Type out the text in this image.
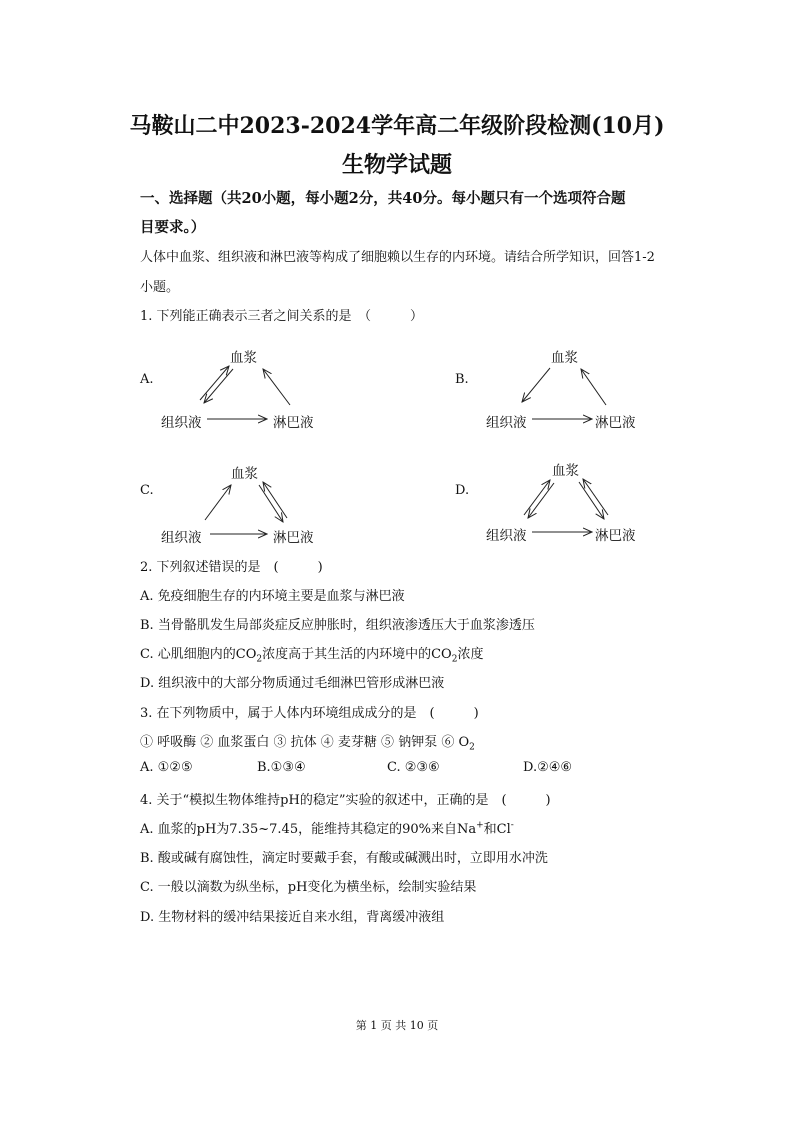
马鞍山二中2023-2024学年高二年级阶段检测(10月)
生物学试题
一、选择题（共20小题，每小题2分，共40分。每小题只有一个选项符合题
目要求。）
人体中血浆、组织液和淋巴液等构成了细胞赖以生存的内环境。请结合所学知识，回答1-2
小题。
1. 下列能正确表示三者之间关系的是　（　　　）
A.
血浆
组织液	淋巴液
B.
血浆
组织液	淋巴液
C.
血浆
组织液	淋巴液
D.
血浆
组织液	淋巴液
2. 下列叙述错误的是　(　　　)
A. 免疫细胞生存的内环境主要是血浆与淋巴液
B. 当骨骼肌发生局部炎症反应肿胀时，组织液渗透压大于血浆渗透压
C. 心肌细胞内的$CO_2$浓度高于其生活的内环境中的$CO_2$浓度
D. 组织液中的大部分物质通过毛细淋巴管形成淋巴液
3. 在下列物质中，属于人体内环境组成成分的是　(　　　)
① 呼吸酶 ② 血浆蛋白 ③ 抗体 ④ 麦芽糖 ⑤ 钠钾泵 ⑥ $O_2$
A. ①②⑤	B.①③④	C. ②③⑥	D.②④⑥
4. 关于“模拟生物体维持pH的稳定”实验的叙述中，正确的是　(　　　)
A. 血浆的pH为7.35~7.45，能维持其稳定的90%来自Na+和Cl-
B. 酸或碱有腐蚀性，滴定时要戴手套，有酸或碱溅出时，立即用水冲洗
C. 一般以滴数为纵坐标，pH变化为横坐标，绘制实验结果
D. 生物材料的缓冲结果接近自来水组，背离缓冲液组
第 1 页 共 10 页
